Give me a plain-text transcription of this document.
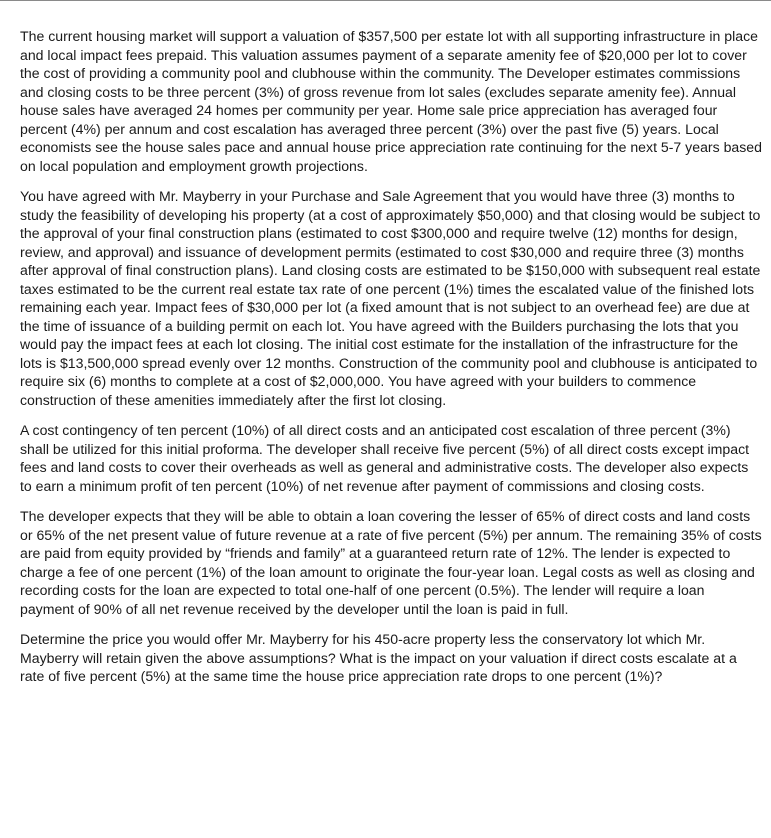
The current housing market will support a valuation of $357,500 per estate lot with all supporting infrastructure in place and local impact fees prepaid. This valuation assumes payment of a separate amenity fee of $20,000 per lot to cover the cost of providing a community pool and clubhouse within the community. The Developer estimates commissions and closing costs to be three percent (3%) of gross revenue from lot sales (excludes separate amenity fee). Annual house sales have averaged 24 homes per community per year. Home sale price appreciation has averaged four percent (4%) per annum and cost escalation has averaged three percent (3%) over the past five (5) years. Local economists see the house sales pace and annual house price appreciation rate continuing for the next 5-7 years based on local population and employment growth projections.

You have agreed with Mr. Mayberry in your Purchase and Sale Agreement that you would have three (3) months to study the feasibility of developing his property (at a cost of approximately $50,000) and that closing would be subject to the approval of your final construction plans (estimated to cost $300,000 and require twelve (12) months for design, review, and approval) and issuance of development permits (estimated to cost $30,000 and require three (3) months after approval of final construction plans). Land closing costs are estimated to be $150,000 with subsequent real estate taxes estimated to be the current real estate tax rate of one percent (1%) times the escalated value of the finished lots remaining each year. Impact fees of $30,000 per lot (a fixed amount that is not subject to an overhead fee) are due at the time of issuance of a building permit on each lot. You have agreed with the Builders purchasing the lots that you would pay the impact fees at each lot closing. The initial cost estimate for the installation of the infrastructure for the lots is $13,500,000 spread evenly over 12 months. Construction of the community pool and clubhouse is anticipated to require six (6) months to complete at a cost of $2,000,000. You have agreed with your builders to commence construction of these amenities immediately after the first lot closing.

A cost contingency of ten percent (10%) of all direct costs and an anticipated cost escalation of three percent (3%) shall be utilized for this initial proforma. The developer shall receive five percent (5%) of all direct costs except impact fees and land costs to cover their overheads as well as general and administrative costs. The developer also expects to earn a minimum profit of ten percent (10%) of net revenue after payment of commissions and closing costs.

The developer expects that they will be able to obtain a loan covering the lesser of 65% of direct costs and land costs or 65% of the net present value of future revenue at a rate of five percent (5%) per annum. The remaining 35% of costs are paid from equity provided by “friends and family” at a guaranteed return rate of 12%. The lender is expected to charge a fee of one percent (1%) of the loan amount to originate the four-year loan. Legal costs as well as closing and recording costs for the loan are expected to total one-half of one percent (0.5%). The lender will require a loan payment of 90% of all net revenue received by the developer until the loan is paid in full.

Determine the price you would offer Mr. Mayberry for his 450-acre property less the conservatory lot which Mr. Mayberry will retain given the above assumptions? What is the impact on your valuation if direct costs escalate at a rate of five percent (5%) at the same time the house price appreciation rate drops to one percent (1%)?
